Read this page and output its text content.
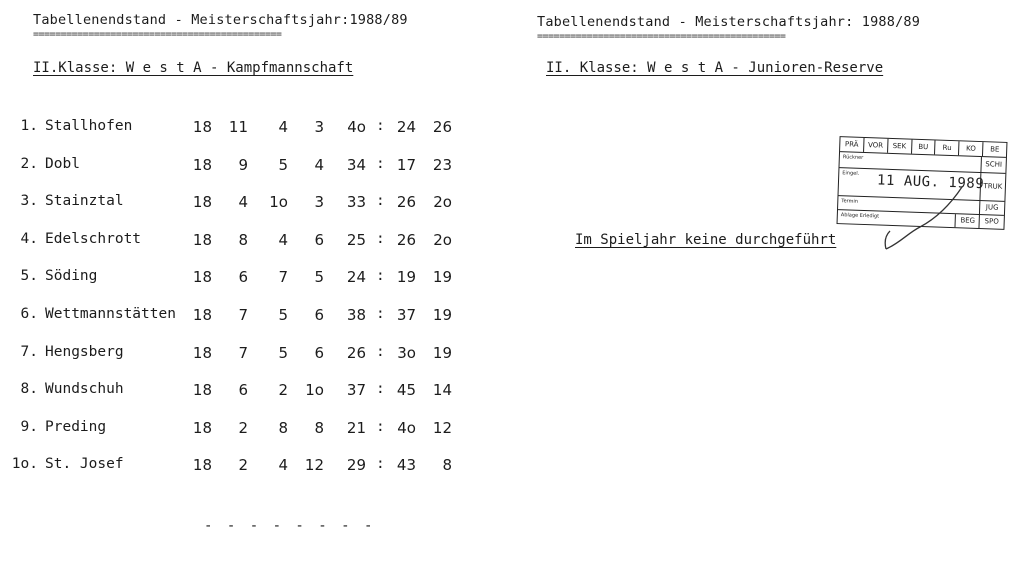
Tabellenendstand - Meisterschaftsjahr:1988/89
=============================================
II.Klasse: W e s t A - Kampfmannschaft
1. Stallhofen	18	11	4	3	4o : 24	26
2. Dobl	18	9	5	4	34 : 17	23
3. Stainztal	18	4	1o	3	33 : 26	2o
4. Edelschrott	18	8	4	6	25 : 26	2o
5. Söding	18	6	7	5	24 : 19	19
6. Wettmannstätten	18	7	5	6	38 : 37	19
7. Hengsberg	18	7	5	6	26 : 3o	19
8. Wundschuh	18	6	2	1o	37 : 45	14
9. Preding	18	2	8	8	21 : 4o	12
1o. St. Josef	18	2	4	12	29 : 43	8
- - - - - - - -
Tabellenendstand - Meisterschaftsjahr: 1988/89
=============================================
II. Klasse: W e s t A - Junioren-Reserve
Im Spieljahr keine durchgeführt
PRÄ	VOR	SEK	BU	Ru	KO	BE
11 AUG. 1989
Rückner
SCHI
Eingel.
TRUK
Termin
JUG
Ablage Erledigt
SPO
BEG
